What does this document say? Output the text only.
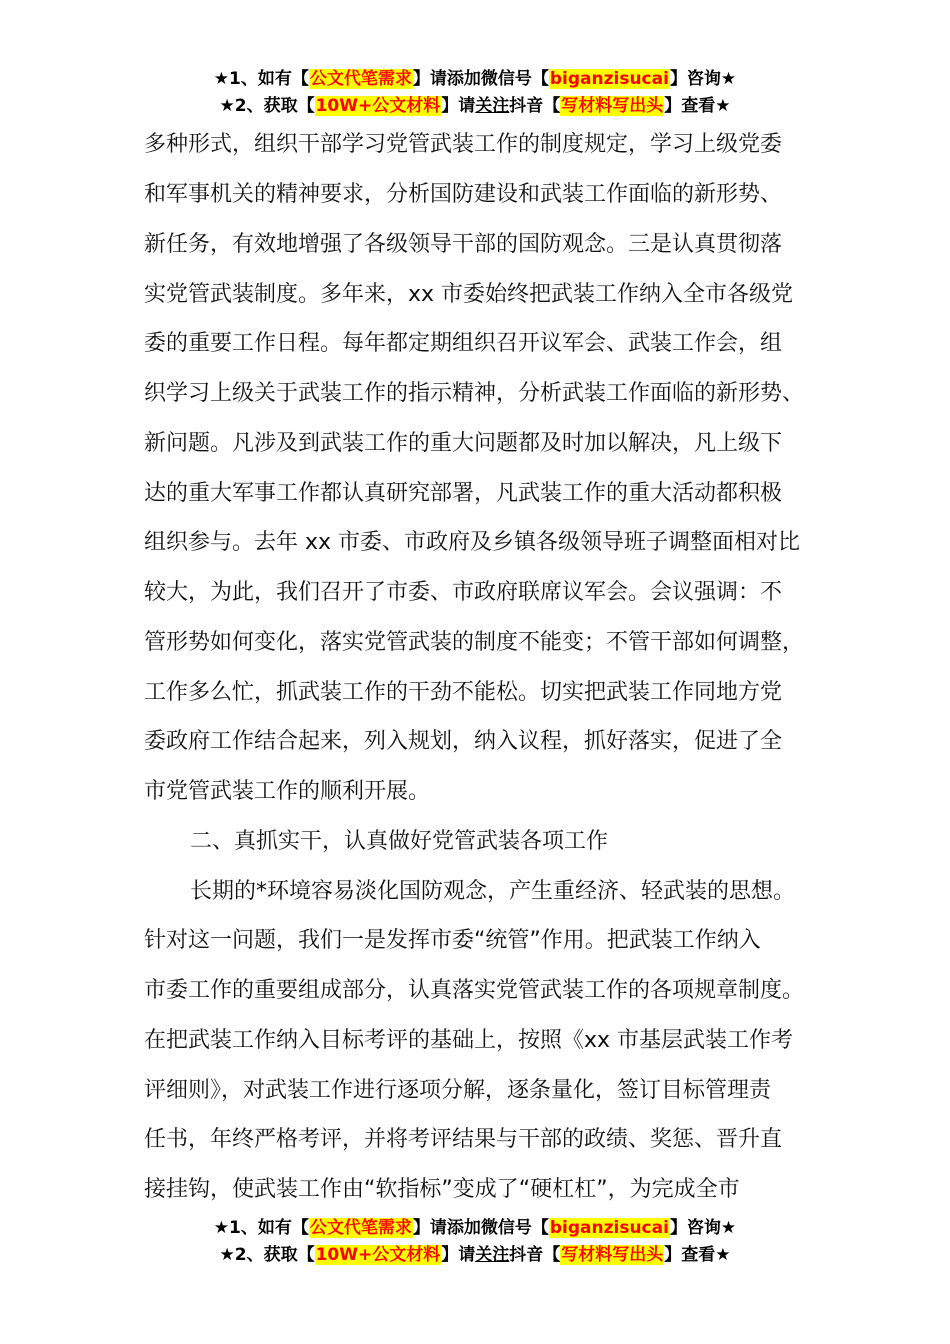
★1、如有【公文代笔需求】请添加微信号【biganzisucai】咨询★
★2、获取【10W+公文材料】请关注抖音【写材料写出头】查看★
多种形式，组织干部学习党管武装工作的制度规定，学习上级党委
和军事机关的精神要求，分析国防建设和武装工作面临的新形势、
新任务，有效地增强了各级领导干部的国防观念。三是认真贯彻落
实党管武装制度。多年来，xx 市委始终把武装工作纳入全市各级党
委的重要工作日程。每年都定期组织召开议军会、武装工作会，组
织学习上级关于武装工作的指示精神，分析武装工作面临的新形势、
新问题。凡涉及到武装工作的重大问题都及时加以解决，凡上级下
达的重大军事工作都认真研究部署，凡武装工作的重大活动都积极
组织参与。去年 xx 市委、市政府及乡镇各级领导班子调整面相对比
较大，为此，我们召开了市委、市政府联席议军会。会议强调：不
管形势如何变化，落实党管武装的制度不能变；不管干部如何调整，
工作多么忙，抓武装工作的干劲不能松。切实把武装工作同地方党
委政府工作结合起来，列入规划，纳入议程，抓好落实，促进了全
市党管武装工作的顺利开展。
二、真抓实干，认真做好党管武装各项工作
长期的*环境容易淡化国防观念，产生重经济、轻武装的思想。
针对这一问题，我们一是发挥市委“统管”作用。把武装工作纳入
市委工作的重要组成部分，认真落实党管武装工作的各项规章制度。
在把武装工作纳入目标考评的基础上，按照《xx 市基层武装工作考
评细则》，对武装工作进行逐项分解，逐条量化，签订目标管理责
任书，年终严格考评，并将考评结果与干部的政绩、奖惩、晋升直
接挂钩，使武装工作由“软指标”变成了“硬杠杠”，为完成全市
★1、如有【公文代笔需求】请添加微信号【biganzisucai】咨询★
★2、获取【10W+公文材料】请关注抖音【写材料写出头】查看★
